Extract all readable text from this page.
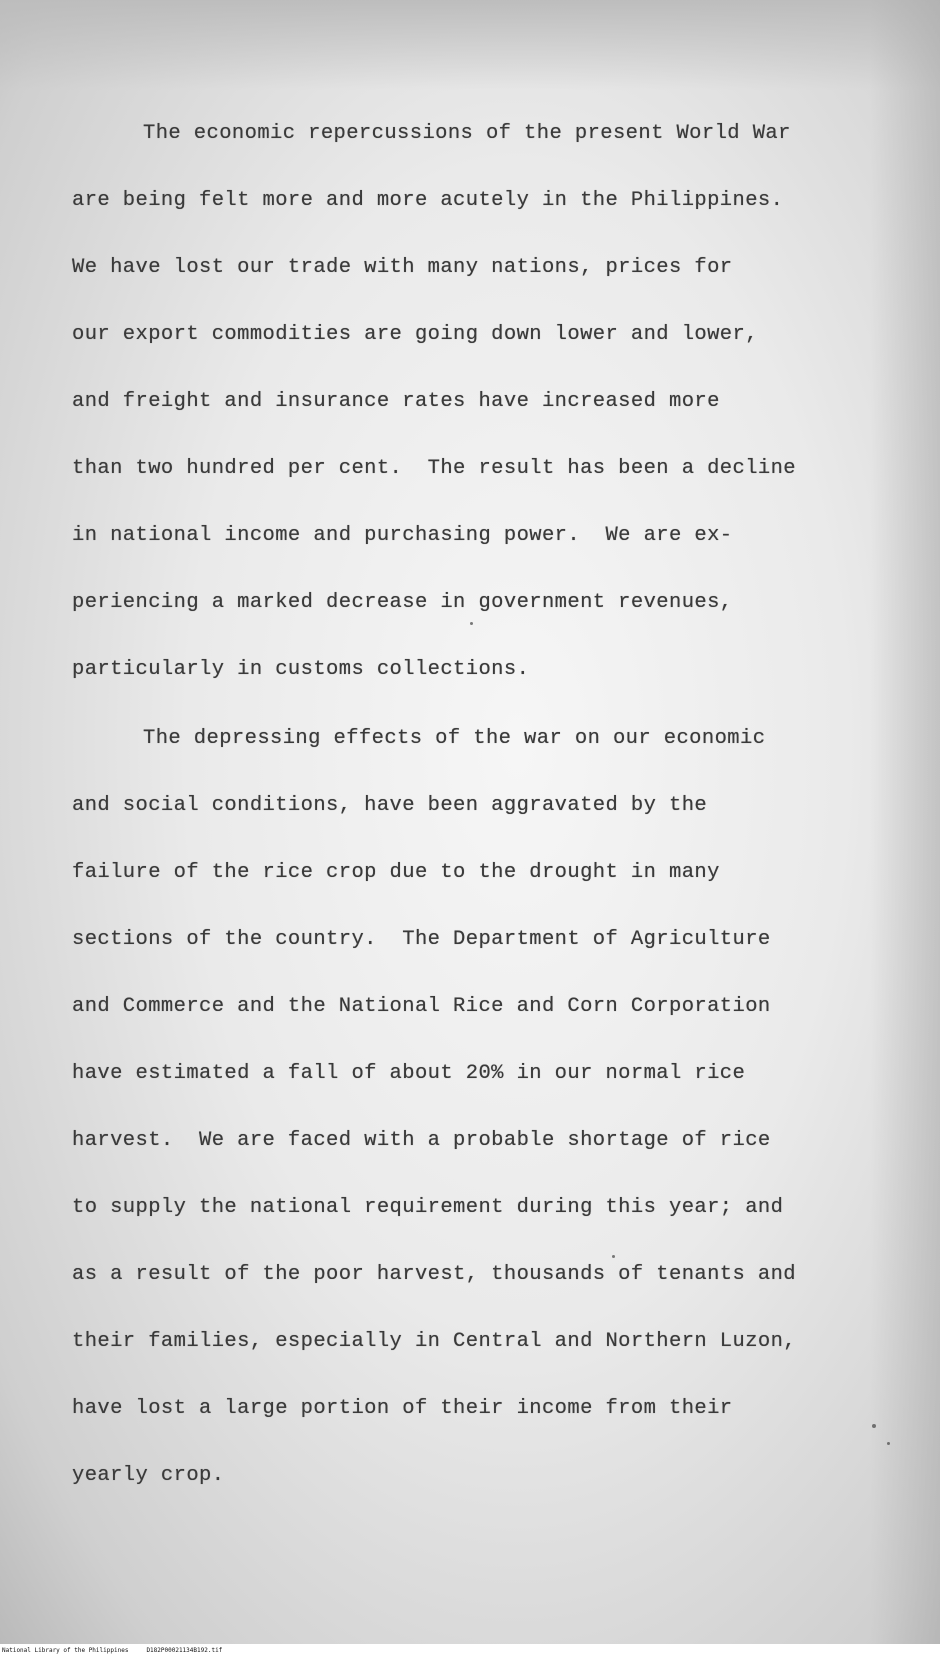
The economic repercussions of the present World War
are being felt more and more acutely in the Philippines.
We have lost our trade with many nations, prices for
our export commodities are going down lower and lower,
and freight and insurance rates have increased more
than two hundred per cent.  The result has been a decline
in national income and purchasing power.  We are ex-
periencing a marked decrease in government revenues,
particularly in customs collections.
The depressing effects of the war on our economic
and social conditions, have been aggravated by the
failure of the rice crop due to the drought in many
sections of the country.  The Department of Agriculture
and Commerce and the National Rice and Corn Corporation
have estimated a fall of about 20% in our normal rice
harvest.  We are faced with a probable shortage of rice
to supply the national requirement during this year; and
as a result of the poor harvest, thousands of tenants and
their families, especially in Central and Northern Luzon,
have lost a large portion of their income from their
yearly crop.
National Library of the Philippines	D182P00021134B192.tif
